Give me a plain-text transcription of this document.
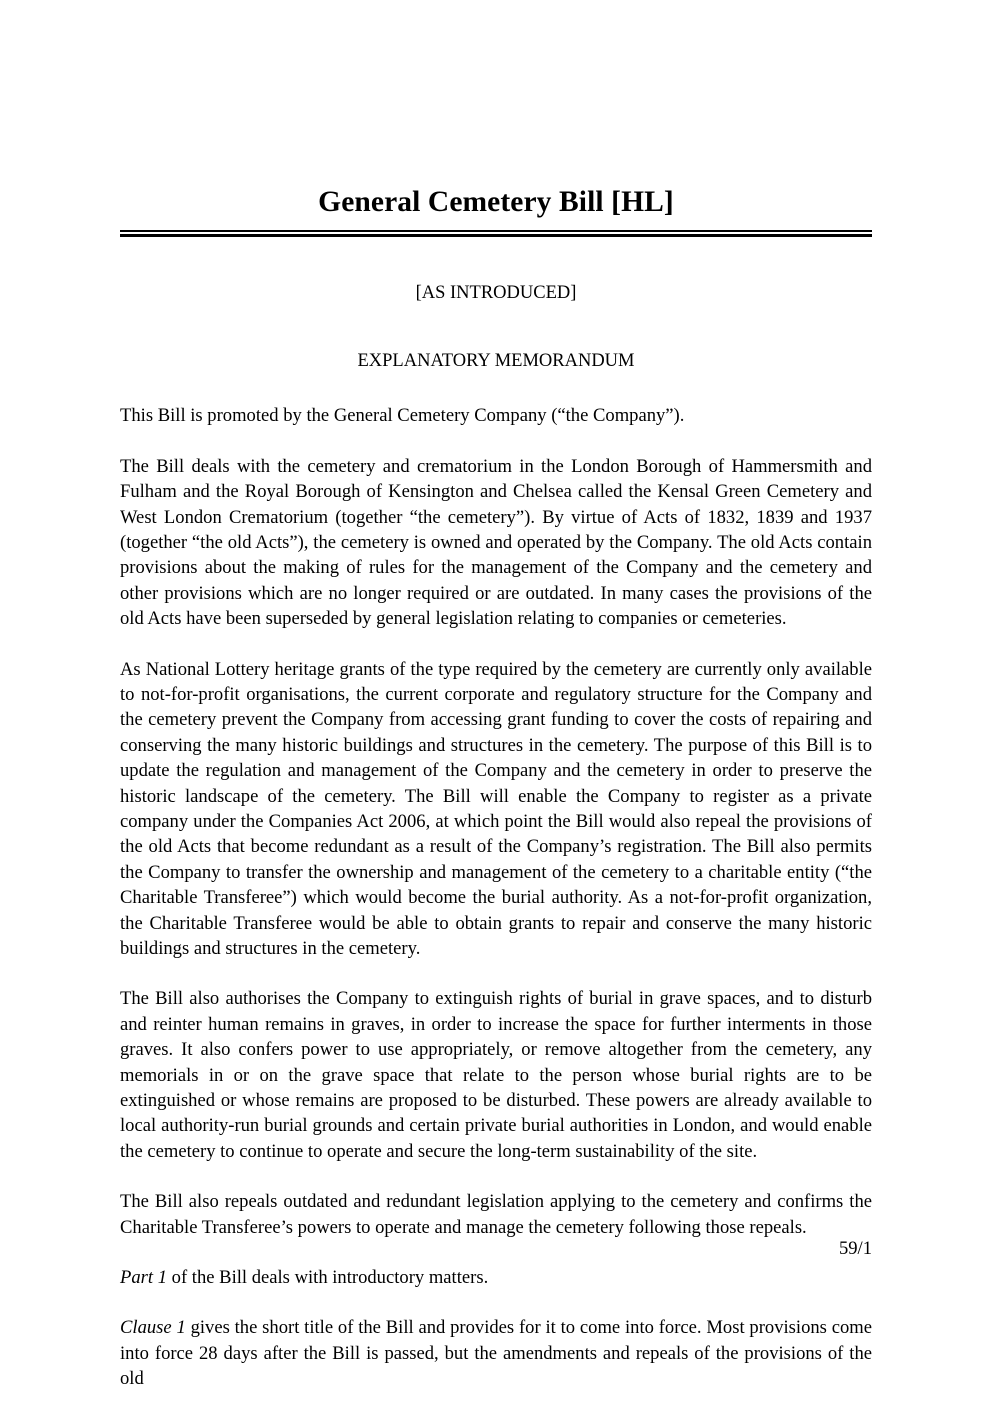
General Cemetery Bill [HL]
[AS INTRODUCED]
EXPLANATORY MEMORANDUM

This Bill is promoted by the General Cemetery Company (“the Company”).

The Bill deals with the cemetery and crematorium in the London Borough of Hammersmith and Fulham and the Royal Borough of Kensington and Chelsea called the Kensal Green Cemetery and West London Crematorium (together “the cemetery”). By virtue of Acts of 1832, 1839 and 1937 (together “the old Acts”), the cemetery is owned and operated by the Company. The old Acts contain provisions about the making of rules for the management of the Company and the cemetery and other provisions which are no longer required or are outdated. In many cases the provisions of the old Acts have been superseded by general legislation relating to companies or cemeteries.

As National Lottery heritage grants of the type required by the cemetery are currently only available to not-for-profit organisations, the current corporate and regulatory structure for the Company and the cemetery prevent the Company from accessing grant funding to cover the costs of repairing and conserving the many historic buildings and structures in the cemetery. The purpose of this Bill is to update the regulation and management of the Company and the cemetery in order to preserve the historic landscape of the cemetery. The Bill will enable the Company to register as a private company under the Companies Act 2006, at which point the Bill would also repeal the provisions of the old Acts that become redundant as a result of the Company’s registration. The Bill also permits the Company to transfer the ownership and management of the cemetery to a charitable entity (“the Charitable Transferee”) which would become the burial authority. As a not-for-profit organization, the Charitable Transferee would be able to obtain grants to repair and conserve the many historic buildings and structures in the cemetery.

The Bill also authorises the Company to extinguish rights of burial in grave spaces, and to disturb and reinter human remains in graves, in order to increase the space for further interments in those graves. It also confers power to use appropriately, or remove altogether from the cemetery, any memorials in or on the grave space that relate to the person whose burial rights are to be extinguished or whose remains are proposed to be disturbed. These powers are already available to local authority-run burial grounds and certain private burial authorities in London, and would enable the cemetery to continue to operate and secure the long-term sustainability of the site.

The Bill also repeals outdated and redundant legislation applying to the cemetery and confirms the Charitable Transferee’s powers to operate and manage the cemetery following those repeals.

Part 1 of the Bill deals with introductory matters.

Clause 1 gives the short title of the Bill and provides for it to come into force. Most provisions come into force 28 days after the Bill is passed, but the amendments and repeals of the provisions of the old

59/1
